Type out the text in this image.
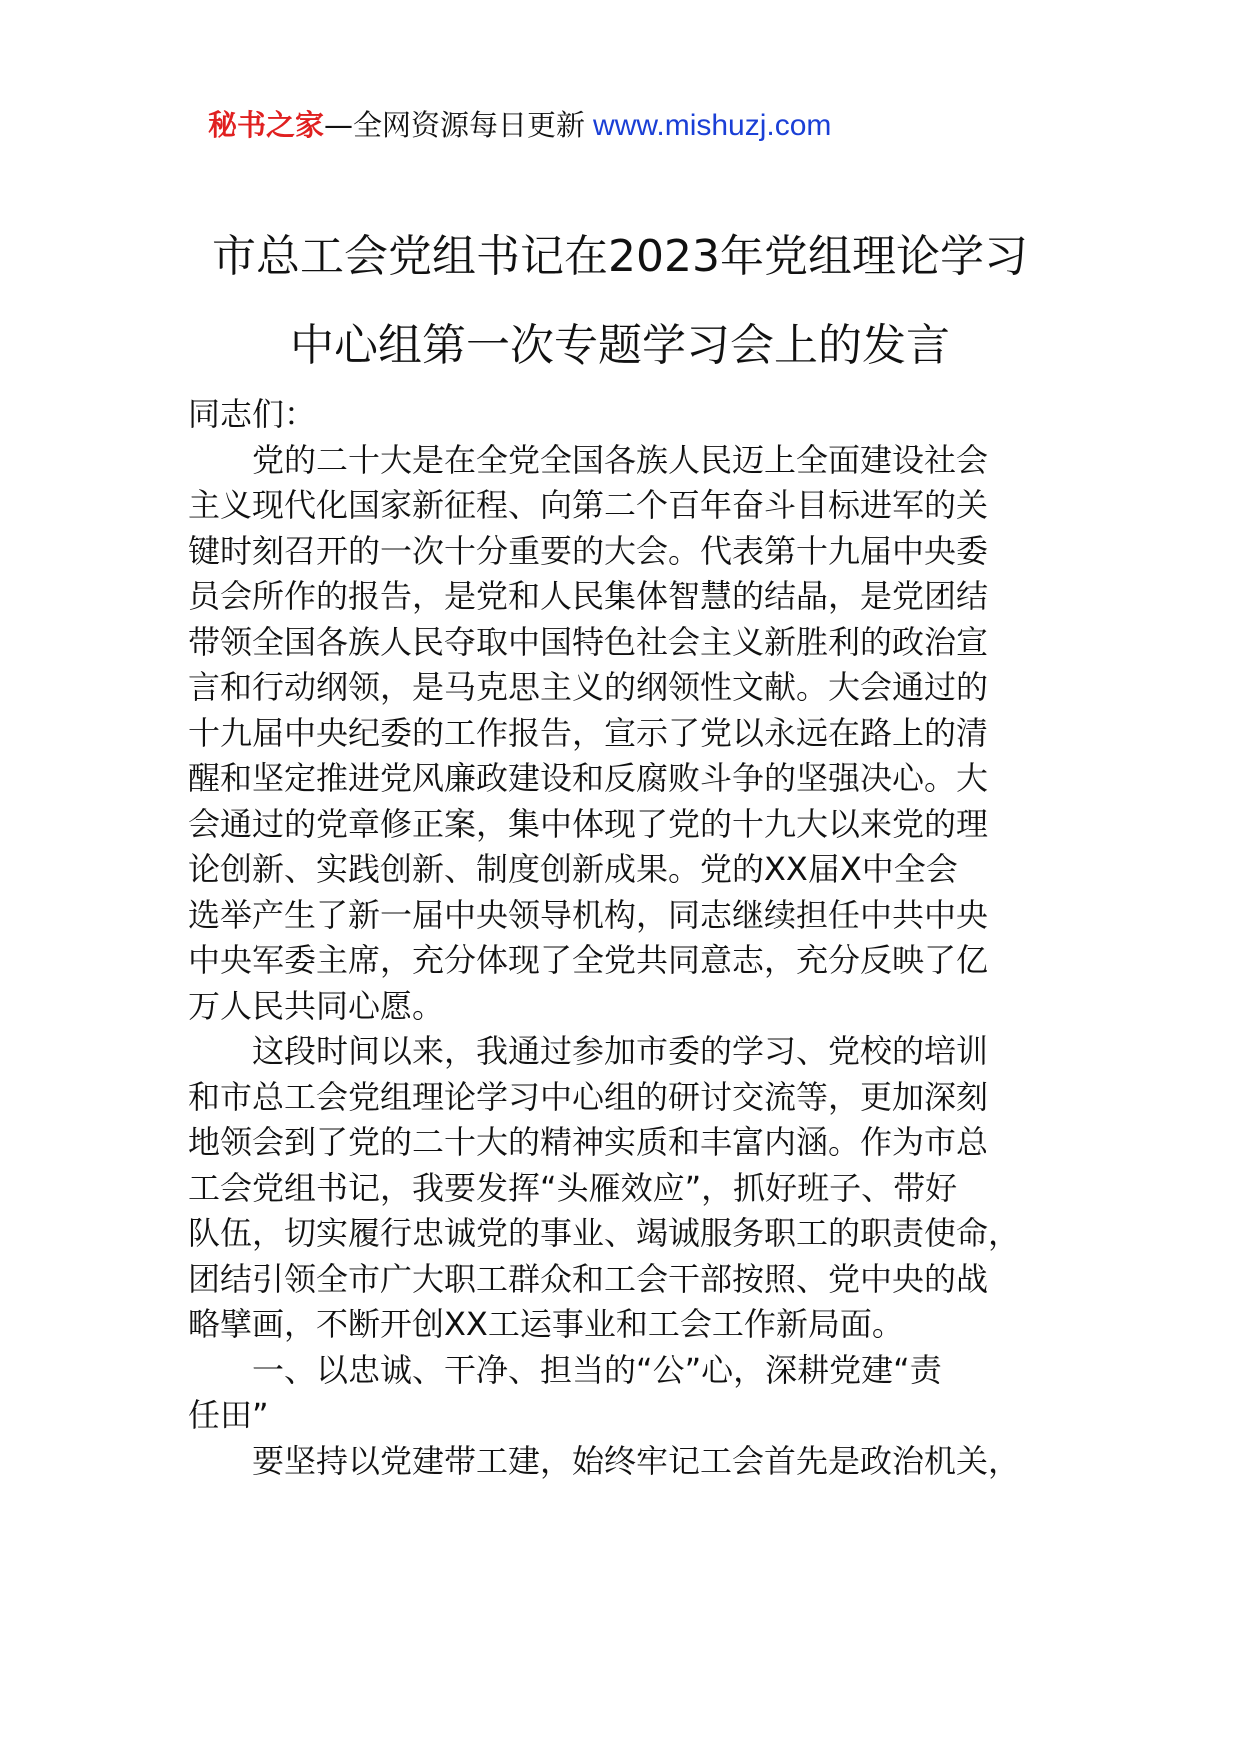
秘书之家—全网资源每日更新 www.mishuzj.com
市总工会党组书记在2023年党组理论学习
中心组第一次专题学习会上的发言
同志们：
党的二十大是在全党全国各族人民迈上全面建设社会
主义现代化国家新征程、向第二个百年奋斗目标进军的关
键时刻召开的一次十分重要的大会。代表第十九届中央委
员会所作的报告，是党和人民集体智慧的结晶，是党团结
带领全国各族人民夺取中国特色社会主义新胜利的政治宣
言和行动纲领，是马克思主义的纲领性文献。大会通过的
十九届中央纪委的工作报告，宣示了党以永远在路上的清
醒和坚定推进党风廉政建设和反腐败斗争的坚强决心。大
会通过的党章修正案，集中体现了党的十九大以来党的理
论创新、实践创新、制度创新成果。党的XX届X中全会
选举产生了新一届中央领导机构，同志继续担任中共中央
中央军委主席，充分体现了全党共同意志，充分反映了亿
万人民共同心愿。
这段时间以来，我通过参加市委的学习、党校的培训
和市总工会党组理论学习中心组的研讨交流等，更加深刻
地领会到了党的二十大的精神实质和丰富内涵。作为市总
工会党组书记，我要发挥“头雁效应”，抓好班子、带好
队伍，切实履行忠诚党的事业、竭诚服务职工的职责使命，
团结引领全市广大职工群众和工会干部按照、党中央的战
略擘画，不断开创XX工运事业和工会工作新局面。
一、以忠诚、干净、担当的“公”心，深耕党建“责
任田”
要坚持以党建带工建，始终牢记工会首先是政治机关，
